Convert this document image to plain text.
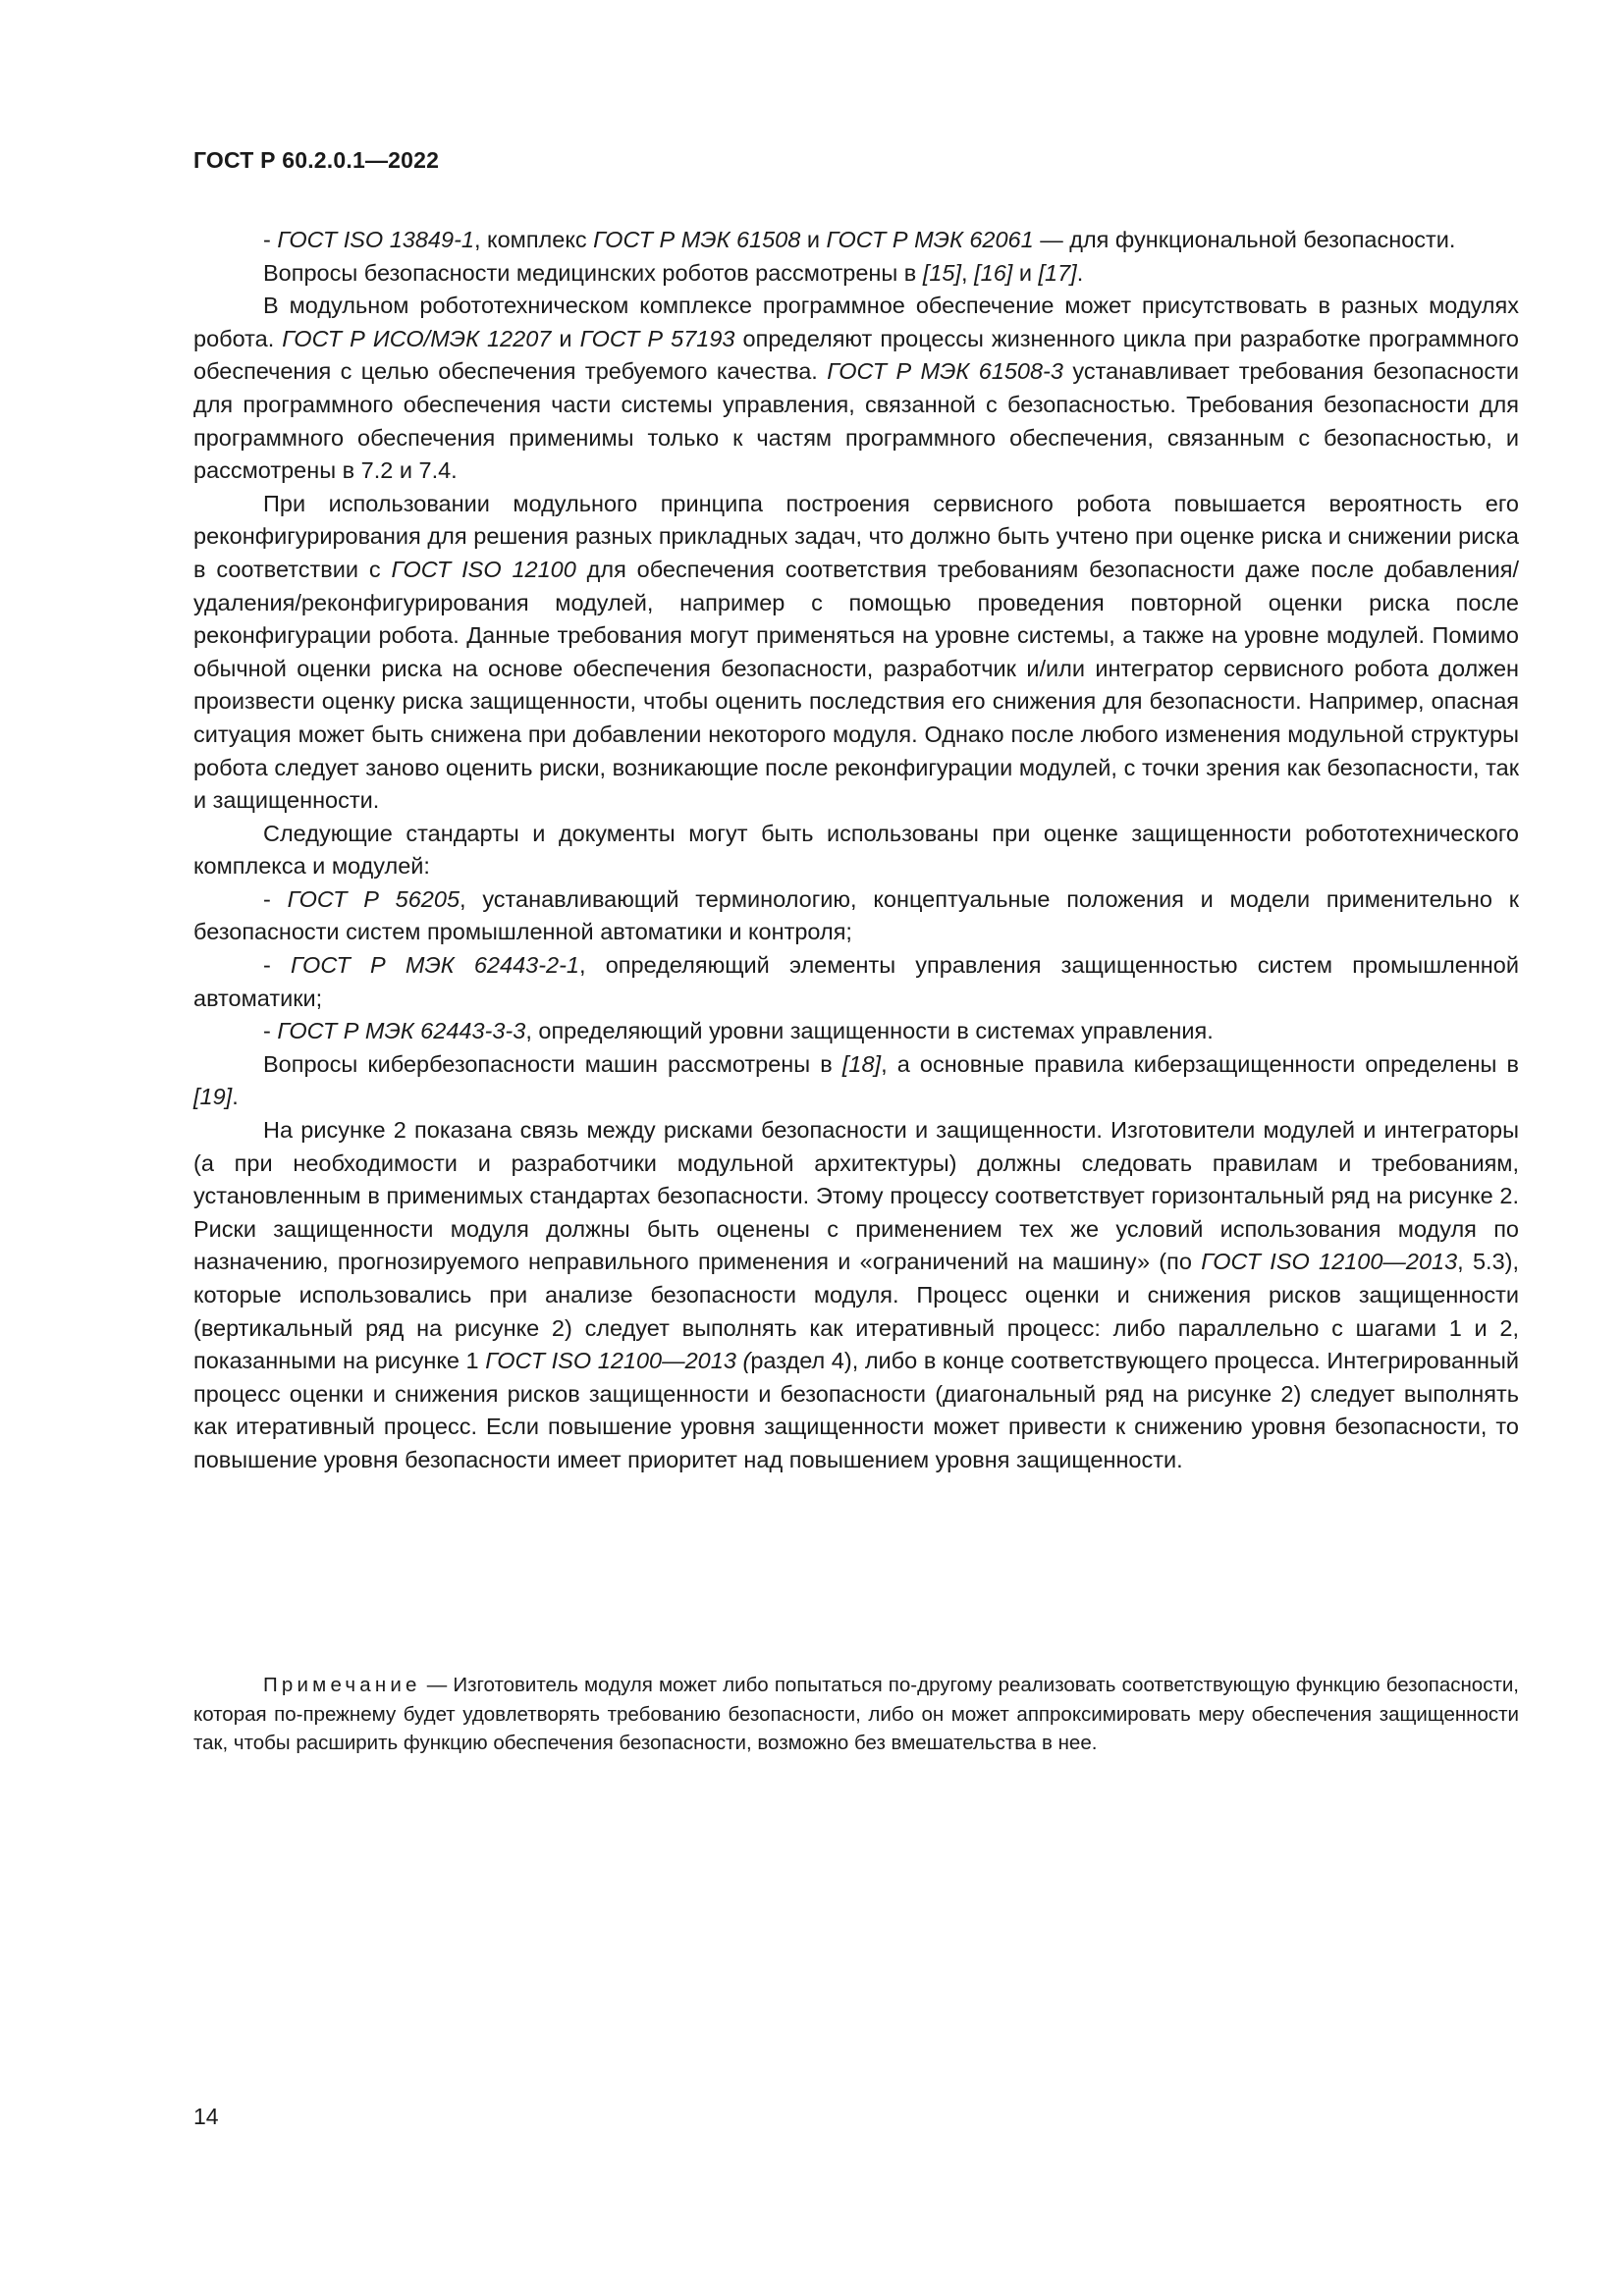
ГОСТ Р 60.2.0.1—2022

- ГОСТ ISO 13849-1, комплекс ГОСТ Р МЭК 61508 и ГОСТ Р МЭК 62061 — для функциональной безопасности.

Вопросы безопасности медицинских роботов рассмотрены в [15], [16] и [17].

В модульном робототехническом комплексе программное обеспечение может присутствовать в разных модулях робота. ГОСТ Р ИСО/МЭК 12207 и ГОСТ Р 57193 определяют процессы жизненного цикла при разработке программного обеспечения с целью обеспечения требуемого качества. ГОСТ Р МЭК 61508-3 устанавливает требования безопасности для программного обеспечения части системы управления, связанной с безопасностью. Требования безопасности для программного обеспечения применимы только к частям программного обеспечения, связанным с безопасностью, и рассмотрены в 7.2 и 7.4.

При использовании модульного принципа построения сервисного робота повышается вероятность его реконфигурирования для решения разных прикладных задач, что должно быть учтено при оценке риска и снижении риска в соответствии с ГОСТ ISO 12100 для обеспечения соответствия требованиям безопасности даже после добавления/удаления/реконфигурирования модулей, например с помощью проведения повторной оценки риска после реконфигурации робота. Данные требования могут применяться на уровне системы, а также на уровне модулей. Помимо обычной оценки риска на основе обеспечения безопасности, разработчик и/или интегратор сервисного робота должен произвести оценку риска защищенности, чтобы оценить последствия его снижения для безопасности. Например, опасная ситуация может быть снижена при добавлении некоторого модуля. Однако после любого изменения модульной структуры робота следует заново оценить риски, возникающие после реконфигурации модулей, с точки зрения как безопасности, так и защищенности.

Следующие стандарты и документы могут быть использованы при оценке защищенности робототехнического комплекса и модулей:

- ГОСТ Р 56205, устанавливающий терминологию, концептуальные положения и модели применительно к безопасности систем промышленной автоматики и контроля;

- ГОСТ Р МЭК 62443-2-1, определяющий элементы управления защищенностью систем промышленной автоматики;

- ГОСТ Р МЭК 62443-3-3, определяющий уровни защищенности в системах управления.

Вопросы кибербезопасности машин рассмотрены в [18], а основные правила киберзащищенности определены в [19].

На рисунке 2 показана связь между рисками безопасности и защищенности. Изготовители модулей и интеграторы (а при необходимости и разработчики модульной архитектуры) должны следовать правилам и требованиям, установленным в применимых стандартах безопасности. Этому процессу соответствует горизонтальный ряд на рисунке 2. Риски защищенности модуля должны быть оценены с применением тех же условий использования модуля по назначению, прогнозируемого неправильного применения и «ограничений на машину» (по ГОСТ ISO 12100—2013, 5.3), которые использовались при анализе безопасности модуля. Процесс оценки и снижения рисков защищенности (вертикальный ряд на рисунке 2) следует выполнять как итеративный процесс: либо параллельно с шагами 1 и 2, показанными на рисунке 1 ГОСТ ISO 12100—2013 (раздел 4), либо в конце соответствующего процесса. Интегрированный процесс оценки и снижения рисков защищенности и безопасности (диагональный ряд на рисунке 2) следует выполнять как итеративный процесс. Если повышение уровня защищенности может привести к снижению уровня безопасности, то повышение уровня безопасности имеет приоритет над повышением уровня защищенности.

Примечание — Изготовитель модуля может либо попытаться по-другому реализовать соответствующую функцию безопасности, которая по-прежнему будет удовлетворять требованию безопасности, либо он может аппроксимировать меру обеспечения защищенности так, чтобы расширить функцию обеспечения безопасности, возможно без вмешательства в нее.

14
